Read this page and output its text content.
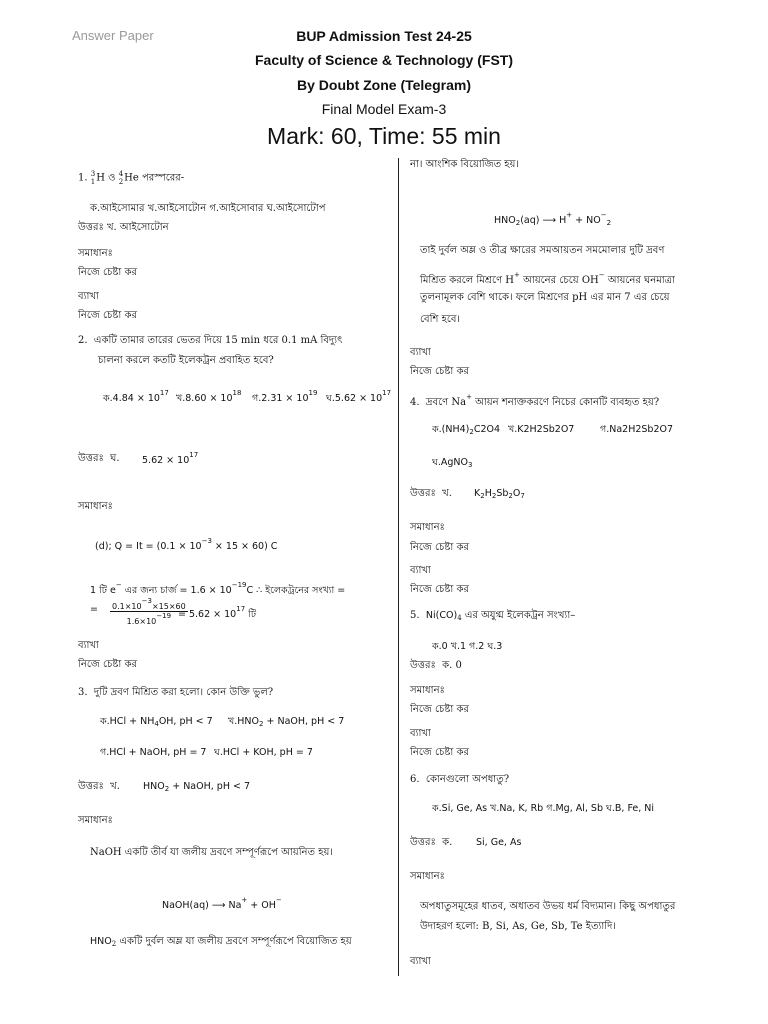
Answer Paper	BUP Admission Test 24-25
Faculty of Science & Technology (FST)
By Doubt Zone (Telegram)
Final Model Exam-3
Mark: 60, Time: 55 min
1. 3
1H ও 4
2He পরস্পরের-
ক.আইসোমার খ.আইসোটোন গ.আইসোবার ঘ.আইসোটোপ
উত্তরঃ খ. আইসোটোন
সমাধানঃ
নিজে চেষ্টা কর
ব্যাখা
নিজে চেষ্টা কর
2. একটি তামার তারের ভেতর দিয়ে 15 min ধরে 0.1 mA বিদ্যুৎ
চালনা করলে কতটি ইলেকট্রন প্রবাহিত হবে?
ক.4.84 × $10^{17}$ খ.8.60 × $10^{18}$ গ.2.31 × $10^{19}$ ঘ.5.62 × $10^{17}$
উত্তরঃ ঘ. $5.62 \times 10^{17}$
সমাধানঃ
(d); $Q = It = (0.1 \times 10^{-3} \times 15 \times 60)$ C
1 টি e− এর জন্য চার্জ = $1.6 \times 10^{-19}C$ ∴ ইলেকট্রনের সংখ্যা =
= $\frac{0.1\times 10^{-3}\times 15\times 60}{1.6\times 10^{-19}}$
= $5.62 \times 10^{17}$ টি
ব্যাখা
নিজে চেষ্টা কর
3. দুটি দ্রবণ মিশ্রিত করা হলো। কোন উক্তি ভুল?
ক.HCl + $NH_4OH$, pH < 7 $খ.HNO_2$ + NaOH, pH < 7
গ.HCl + NaOH, pH = 7 ঘ.HCl + KOH, pH = 7
উত্তরঃ খ. $HNO_2$ + NaOH, pH < 7
সমাধানঃ
NaOH একটি তীর্ব যা জলীয় দ্রবণে সম্পূর্ণরূপে আয়নিত হয়।
NaOH(aq) ⟶ Na+ + OH−
$HNO_2$ একটি দুর্বল অম্ল যা জলীয় দ্রবণে সম্পূর্ণরূপে বিয়োজিত হয়
না। আংশিক বিয়োজিত হয়।
$HNO_2(aq)$ ⟶ $H^+ + NO^-_2$
তাই দুর্বল অম্ল ও তীব্র ক্ষারের সমআয়তন সমমোলার দুটি দ্রবণ
মিশ্রিত করলে মিশ্রণে H+ আয়নের চেয়ে OH− আয়নের ঘনমাত্রা
তুলনামূলক বেশি থাকে। ফলে মিশ্রণের pH এর মান 7 এর চেয়ে
বেশি হবে।
ব্যাখা
নিজে চেষ্টা কর
4. দ্রবণে Na+ আয়ন শনাক্তকরণে নিচের কোনটি ব্যবহৃত হয়?
$ক.(NH4)_2C2O4$ খ.K2H2Sb2O7	গ.Na2H2Sb2O7
ঘ.AgNO$_3$
উত্তরঃ খ. $K_2H_2Sb_2O_7$
সমাধানঃ
নিজে চেষ্টা কর
ব্যাখা
নিজে চেষ্টা কর
5. $Ni(CO)_4$ এর অযুগ্ম ইলেকট্রন সংখ্যা–
ক.0 খ.1 গ.2 ঘ.3
উত্তরঃ ক. 0
সমাধানঃ
নিজে চেষ্টা কর
ব্যাখা
নিজে চেষ্টা কর
6. কোনগুলো অপধাতু?
ক.Si, Ge, As খ.Na, K, Rb গ.Mg, Al, Sb ঘ.B, Fe, Ni
উত্তরঃ ক. Si, Ge, As
সমাধানঃ
অপধাতুসমূহের ধাতব, অধাতব উভয় ধর্ম বিদ্যমান। কিছু অপধাতুর
উদাহরণ হলো: B, Si, As, Ge, Sb, Te ইত্যাদি।
ব্যাখা
